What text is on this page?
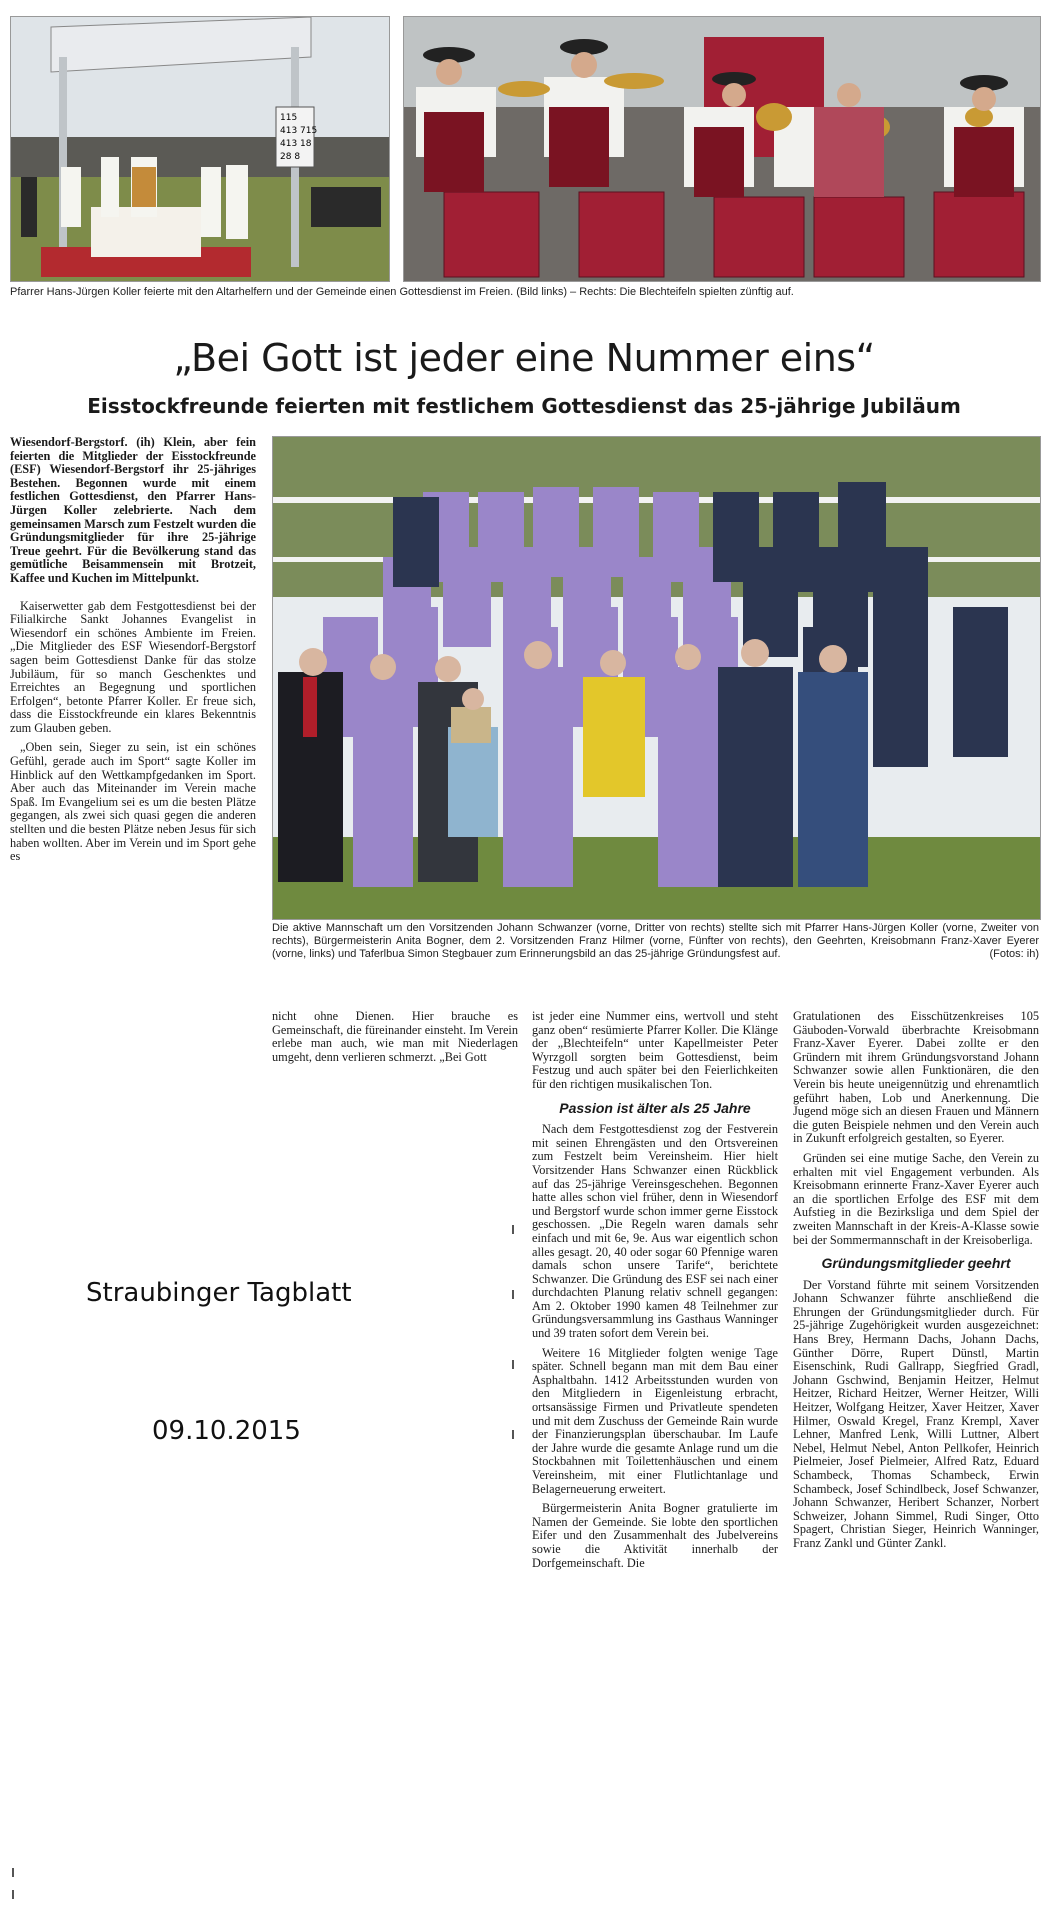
115
413 715
413 18
28 8
Pfarrer Hans-Jürgen Koller feierte mit den Altarhelfern und der Gemeinde einen Gottesdienst im Freien. (Bild links) – Rechts: Die Blechteifeln spielten zünftig auf.
„Bei Gott ist jeder eine Nummer eins“
Eisstockfreunde feierten mit festlichem Gottesdienst das 25-jährige Jubiläum

Wiesendorf-Bergstorf. (ih) Klein, aber fein feierten die Mitglieder der Eisstockfreunde (ESF) Wiesendorf-Bergstorf ihr 25-jähriges Bestehen. Begonnen wurde mit einem festlichen Gottesdienst, den Pfarrer Hans-Jürgen Koller zelebrierte. Nach dem gemeinsamen Marsch zum Festzelt wurden die Gründungsmitglieder für ihre 25-jährige Treue geehrt. Für die Bevölkerung stand das gemütliche Beisammensein mit Brotzeit, Kaffee und Kuchen im Mittelpunkt.

Kaiserwetter gab dem Festgottesdienst bei der Filialkirche Sankt Johannes Evangelist in Wiesendorf ein schönes Ambiente im Freien. „Die Mitglieder des ESF Wiesendorf-Bergstorf sagen beim Gottesdienst Danke für das stolze Jubiläum, für so manch Geschenktes und Erreichtes an Begegnung und sportlichen Erfolgen“, betonte Pfarrer Koller. Er freue sich, dass die Eisstockfreunde ein klares Bekenntnis zum Glauben geben.

„Oben sein, Sieger zu sein, ist ein schönes Gefühl, gerade auch im Sport“ sagte Koller im Hinblick auf den Wettkampfgedanken im Sport. Aber auch das Miteinander im Verein mache Spaß. Im Evangelium sei es um die besten Plätze gegangen, als zwei sich quasi gegen die anderen stellten und die besten Plätze neben Jesus für sich haben wollten. Aber im Verein und im Sport gehe es

Die aktive Mannschaft um den Vorsitzenden Johann Schwanzer (vorne, Dritter von rechts) stellte sich mit Pfarrer Hans-Jürgen Koller (vorne, Zweiter von rechts), Bürgermeisterin Anita Bogner, dem 2. Vorsitzenden Franz Hilmer (vorne, Fünfter von rechts), den Geehrten, Kreisobmann Franz-Xaver Eyerer (vorne, links) und Taferlbua Simon Stegbauer zum Erinnerungsbild an das 25-jährige Gründungsfest auf.	(Fotos: ih)

nicht ohne Dienen. Hier brauche es Gemeinschaft, die füreinander einsteht. Im Verein erlebe man auch, wie man mit Niederlagen umgeht, denn verlieren schmerzt. „Bei Gott

ist jeder eine Nummer eins, wertvoll und steht ganz oben“ resümierte Pfarrer Koller. Die Klänge der „Blechteifeln“ unter Kapellmeister Peter Wyrzgoll sorgten beim Gottesdienst, beim Festzug und auch später bei den Feierlichkeiten für den richtigen musikalischen Ton.

Passion ist älter als 25 Jahre

Nach dem Festgottesdienst zog der Festverein mit seinen Ehrengästen und den Ortsvereinen zum Festzelt beim Vereinsheim. Hier hielt Vorsitzender Hans Schwanzer einen Rückblick auf das 25-jährige Vereinsgeschehen. Begonnen hatte alles schon viel früher, denn in Wiesendorf und Bergstorf wurde schon immer gerne Eisstock geschossen. „Die Regeln waren damals sehr einfach und mit 6e, 9e. Aus war eigentlich schon alles gesagt. 20, 40 oder sogar 60 Pfennige waren damals schon unsere Tarife“, berichtete Schwanzer. Die Gründung des ESF sei nach einer durchdachten Planung relativ schnell gegangen: Am 2. Oktober 1990 kamen 48 Teilnehmer zur Gründungsversammlung ins Gasthaus Wanninger und 39 traten sofort dem Verein bei.

Weitere 16 Mitglieder folgten wenige Tage später. Schnell begann man mit dem Bau einer Asphaltbahn. 1412 Arbeitsstunden wurden von den Mitgliedern in Eigenleistung erbracht, ortsansässige Firmen und Privatleute spendeten und mit dem Zuschuss der Gemeinde Rain wurde der Finanzierungsplan überschaubar. Im Laufe der Jahre wurde die gesamte Anlage rund um die Stockbahnen mit Toilettenhäuschen und einem Vereinsheim, mit einer Flutlichtanlage und Belagerneuerung erweitert.

Bürgermeisterin Anita Bogner gratulierte im Namen der Gemeinde. Sie lobte den sportlichen Eifer und den Zusammenhalt des Jubelvereins sowie die Aktivität innerhalb der Dorfgemeinschaft. Die

Gratulationen des Eisschützenkreises 105 Gäuboden-Vorwald überbrachte Kreisobmann Franz-Xaver Eyerer. Dabei zollte er den Gründern mit ihrem Gründungsvorstand Johann Schwanzer sowie allen Funktionären, die den Verein bis heute uneigennützig und ehrenamtlich geführt haben, Lob und Anerkennung. Die Jugend möge sich an diesen Frauen und Männern die guten Beispiele nehmen und den Verein auch in Zukunft erfolgreich gestalten, so Eyerer.

Gründen sei eine mutige Sache, den Verein zu erhalten mit viel Engagement verbunden. Als Kreisobmann erinnerte Franz-Xaver Eyerer auch an die sportlichen Erfolge des ESF mit dem Aufstieg in die Bezirksliga und dem Spiel der zweiten Mannschaft in der Kreis-A-Klasse sowie bei der Sommermannschaft in der Kreisoberliga.

Gründungsmitglieder geehrt

Der Vorstand führte mit seinem Vorsitzenden Johann Schwanzer führte anschließend die Ehrungen der Gründungsmitglieder durch. Für 25-jährige Zugehörigkeit wurden ausgezeichnet: Hans Brey, Hermann Dachs, Johann Dachs, Günther Dörre, Rupert Dünstl, Martin Eisenschink, Rudi Gallrapp, Siegfried Gradl, Johann Gschwind, Benjamin Heitzer, Helmut Heitzer, Richard Heitzer, Werner Heitzer, Willi Heitzer, Wolfgang Heitzer, Xaver Heitzer, Xaver Hilmer, Oswald Kregel, Franz Krempl, Xaver Lehner, Manfred Lenk, Willi Luttner, Albert Nebel, Helmut Nebel, Anton Pellkofer, Heinrich Pielmeier, Josef Pielmeier, Alfred Ratz, Eduard Schambeck, Thomas Schambeck, Erwin Schambeck, Josef Schindlbeck, Josef Schwanzer, Johann Schwanzer, Heribert Schanzer, Norbert Schweizer, Johann Simmel, Rudi Singer, Otto Spagert, Christian Sieger, Heinrich Wanninger, Franz Zankl und Günter Zankl.

Straubinger Tagblatt
09.10.2015
